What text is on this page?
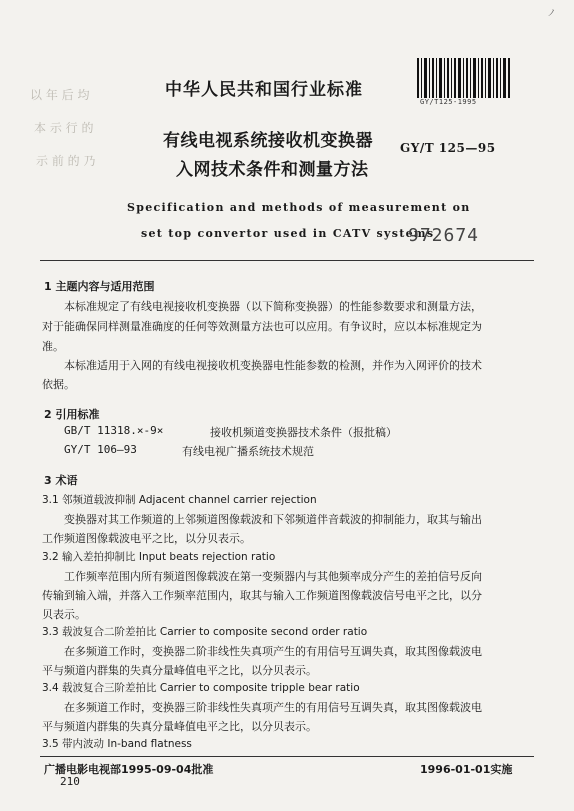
ノ
以 年 后 均
本 示 行 的
示 前 的 乃
中华人民共和国行业标准
GY/T125-1995
有线电视系统接收机变换器
入网技术条件和测量方法
GY/T 125—95
Specification and methods of measurement on
set top convertor used in CATV systems
972674
1 主题内容与适用范围
本标准规定了有线电视接收机变换器（以下简称变换器）的性能参数要求和测量方法，
对于能确保同样测量准确度的任何等效测量方法也可以应用。有争议时，应以本标准规定为
准。
本标准适用于入网的有线电视接收机变换器电性能参数的检测，并作为入网评价的技术
依据。
2 引用标准
GB/T 11318.×-9×	接收机频道变换器技术条件（报批稿）
GY/T 106—93	有线电视广播系统技术规范
3 术语
3.1 邻频道载波抑制 Adjacent channel carrier rejection
变换器对其工作频道的上邻频道图像载波和下邻频道伴音载波的抑制能力，取其与输出
工作频道图像载波电平之比，以分贝表示。
3.2 输入差拍抑制比 Input beats rejection ratio
工作频率范围内所有频道图像载波在第一变频器内与其他频率成分产生的差拍信号反向
传输到输入端，并落入工作频率范围内，取其与输入工作频道图像载波信号电平之比，以分
贝表示。
3.3 载波复合二阶差拍比 Carrier to composite second order ratio
在多频道工作时，变换器二阶非线性失真项产生的有用信号互调失真，取其图像载波电
平与频道内群集的失真分量峰值电平之比，以分贝表示。
3.4 载波复合三阶差拍比 Carrier to composite tripple bear ratio
在多频道工作时，变换器三阶非线性失真项产生的有用信号互调失真，取其图像载波电
平与频道内群集的失真分量峰值电平之比，以分贝表示。
3.5 带内波动 In-band flatness
广播电影电视部1995-09-04批准	1996-01-01实施
210
